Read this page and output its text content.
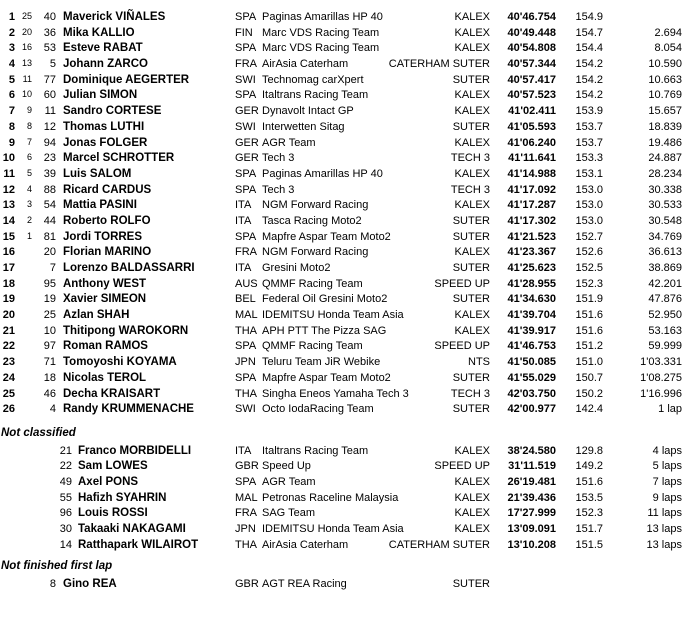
1 25	40 Maverick VIÑALES	SPA Paginas Amarillas HP 40	KALEX	40'46.754	154.9
2 20	36 Mika KALLIO	FIN Marc VDS Racing Team	KALEX	40'49.448	154.7	2.694
3 16	53 Esteve RABAT	SPA Marc VDS Racing Team	KALEX	40'54.808	154.4	8.054
4 13	5 Johann ZARCO	FRA AirAsia Caterham	CATERHAM SUTER	40'57.344	154.2	10.590
5 11	77 Dominique AEGERTER	SWI Technomag carXpert	SUTER	40'57.417	154.2	10.663
6 10	60 Julian SIMON	SPA Italtrans Racing Team	KALEX	40'57.523	154.2	10.769
7	9	11 Sandro CORTESE	GER Dynavolt Intact GP	KALEX	41'02.411	153.9	15.657
8	8	12 Thomas LUTHI	SWI Interwetten Sitag	SUTER	41'05.593	153.7	18.839
9	7	94 Jonas FOLGER	GER AGR Team	KALEX	41'06.240	153.7	19.486
10	6	23 Marcel SCHROTTER	GER Tech 3	TECH 3	41'11.641	153.3	24.887
11	5	39 Luis SALOM	SPA Paginas Amarillas HP 40	KALEX	41'14.988	153.1	28.234
12	4	88 Ricard CARDUS	SPA Tech 3	TECH 3	41'17.092	153.0	30.338
13	3	54 Mattia PASINI	ITA NGM Forward Racing	KALEX	41'17.287	153.0	30.533
14	2	44 Roberto ROLFO	ITA Tasca Racing Moto2	SUTER	41'17.302	153.0	30.548
15	1	81 Jordi TORRES	SPA Mapfre Aspar Team Moto2	SUTER	41'21.523	152.7	34.769
16	20 Florian MARINO	FRA NGM Forward Racing	KALEX	41'23.367	152.6	36.613
17	7 Lorenzo BALDASSARRI	ITA Gresini Moto2	SUTER	41'25.623	152.5	38.869
18	95 Anthony WEST	AUS QMMF Racing Team	SPEED UP	41'28.955	152.3	42.201
19	19 Xavier SIMEON	BEL Federal Oil Gresini Moto2	SUTER	41'34.630	151.9	47.876
20	25 Azlan SHAH	MAL IDEMITSU Honda Team Asia	KALEX	41'39.704	151.6	52.950
21	10 Thitipong WAROKORN	THA APH PTT The Pizza SAG	KALEX	41'39.917	151.6	53.163
22	97 Roman RAMOS	SPA QMMF Racing Team	SPEED UP	41'46.753	151.2	59.999
23	71 Tomoyoshi KOYAMA	JPN Teluru Team JiR Webike	NTS	41'50.085	151.0	1'03.331
24	18 Nicolas TEROL	SPA Mapfre Aspar Team Moto2	SUTER	41'55.029	150.7	1'08.275
25	46 Decha KRAISART	THA Singha Eneos Yamaha Tech 3	TECH 3	42'03.750	150.2	1'16.996
26	4 Randy KRUMMENACHE	SWI Octo IodaRacing Team	SUTER	42'00.977	142.4	1 lap
Not classified
21 Franco MORBIDELLI	ITA Italtrans Racing Team	KALEX	38'24.580	129.8	4 laps
22 Sam LOWES	GBR Speed Up	SPEED UP	31'11.519	149.2	5 laps
49 Axel PONS	SPA AGR Team	KALEX	26'19.481	151.6	7 laps
55 Hafizh SYAHRIN	MAL Petronas Raceline Malaysia	KALEX	21'39.436	153.5	9 laps
96 Louis ROSSI	FRA SAG Team	KALEX	17'27.999	152.3	11 laps
30 Takaaki NAKAGAMI	JPN IDEMITSU Honda Team Asia	KALEX	13'09.091	151.7	13 laps
14 Ratthapark WILAIROT	THA AirAsia Caterham	CATERHAM SUTER	13'10.208	151.5	13 laps
Not finished first lap
8 Gino REA	GBR AGT REA Racing	SUTER
